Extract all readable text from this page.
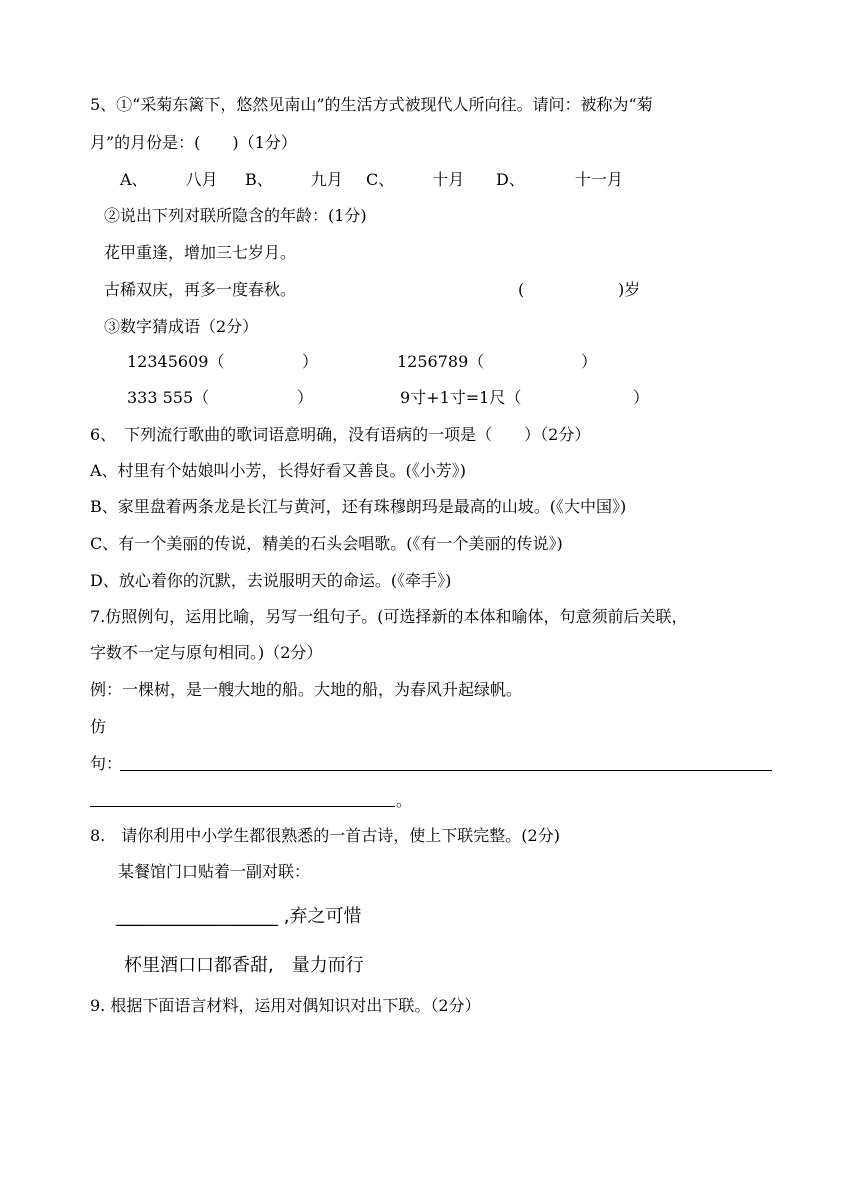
5、①“采菊东篱下，悠然见南山”的生活方式被现代人所向往。请问：被称为“菊
月”的月份是：(　　)（1分）
A、 八月 B、 九月 C、 十月 D、	十一月
②说出下列对联所隐含的年龄：(1分)
花甲重逢，增加三七岁月。
古稀双庆，再多一度春秋。	(	)岁
③数字猜成语（2分）
12345609（	）	1256789（	）
333 555（	）	9寸+1寸=1尺（	）
6、　下列流行歌曲的歌词语意明确，没有语病的一项是（　　）（2分）
A、村里有个姑娘叫小芳，长得好看又善良。(《小芳》)
B、家里盘着两条龙是长江与黄河，还有珠穆朗玛是最高的山坡。(《大中国》)
C、有一个美丽的传说，精美的石头会唱歌。(《有一个美丽的传说》)
D、放心着你的沉默，去说服明天的命运。(《牵手》)
7.仿照例句，运用比喻，另写一组句子。(可选择新的本体和喻体，句意须前后关联，
字数不一定与原句相同。)（2分）
例：一棵树，是一艘大地的船。大地的船，为春风升起绿帆。
仿
句：
。
8.　请你利用中小学生都很熟悉的一首古诗，使上下联完整。(2分)
某餐馆门口贴着一副对联：
__________________ ,弃之可惜
杯里酒口口都香甜,　量力而行
9. 根据下面语言材料，运用对偶知识对出下联。（2分）
